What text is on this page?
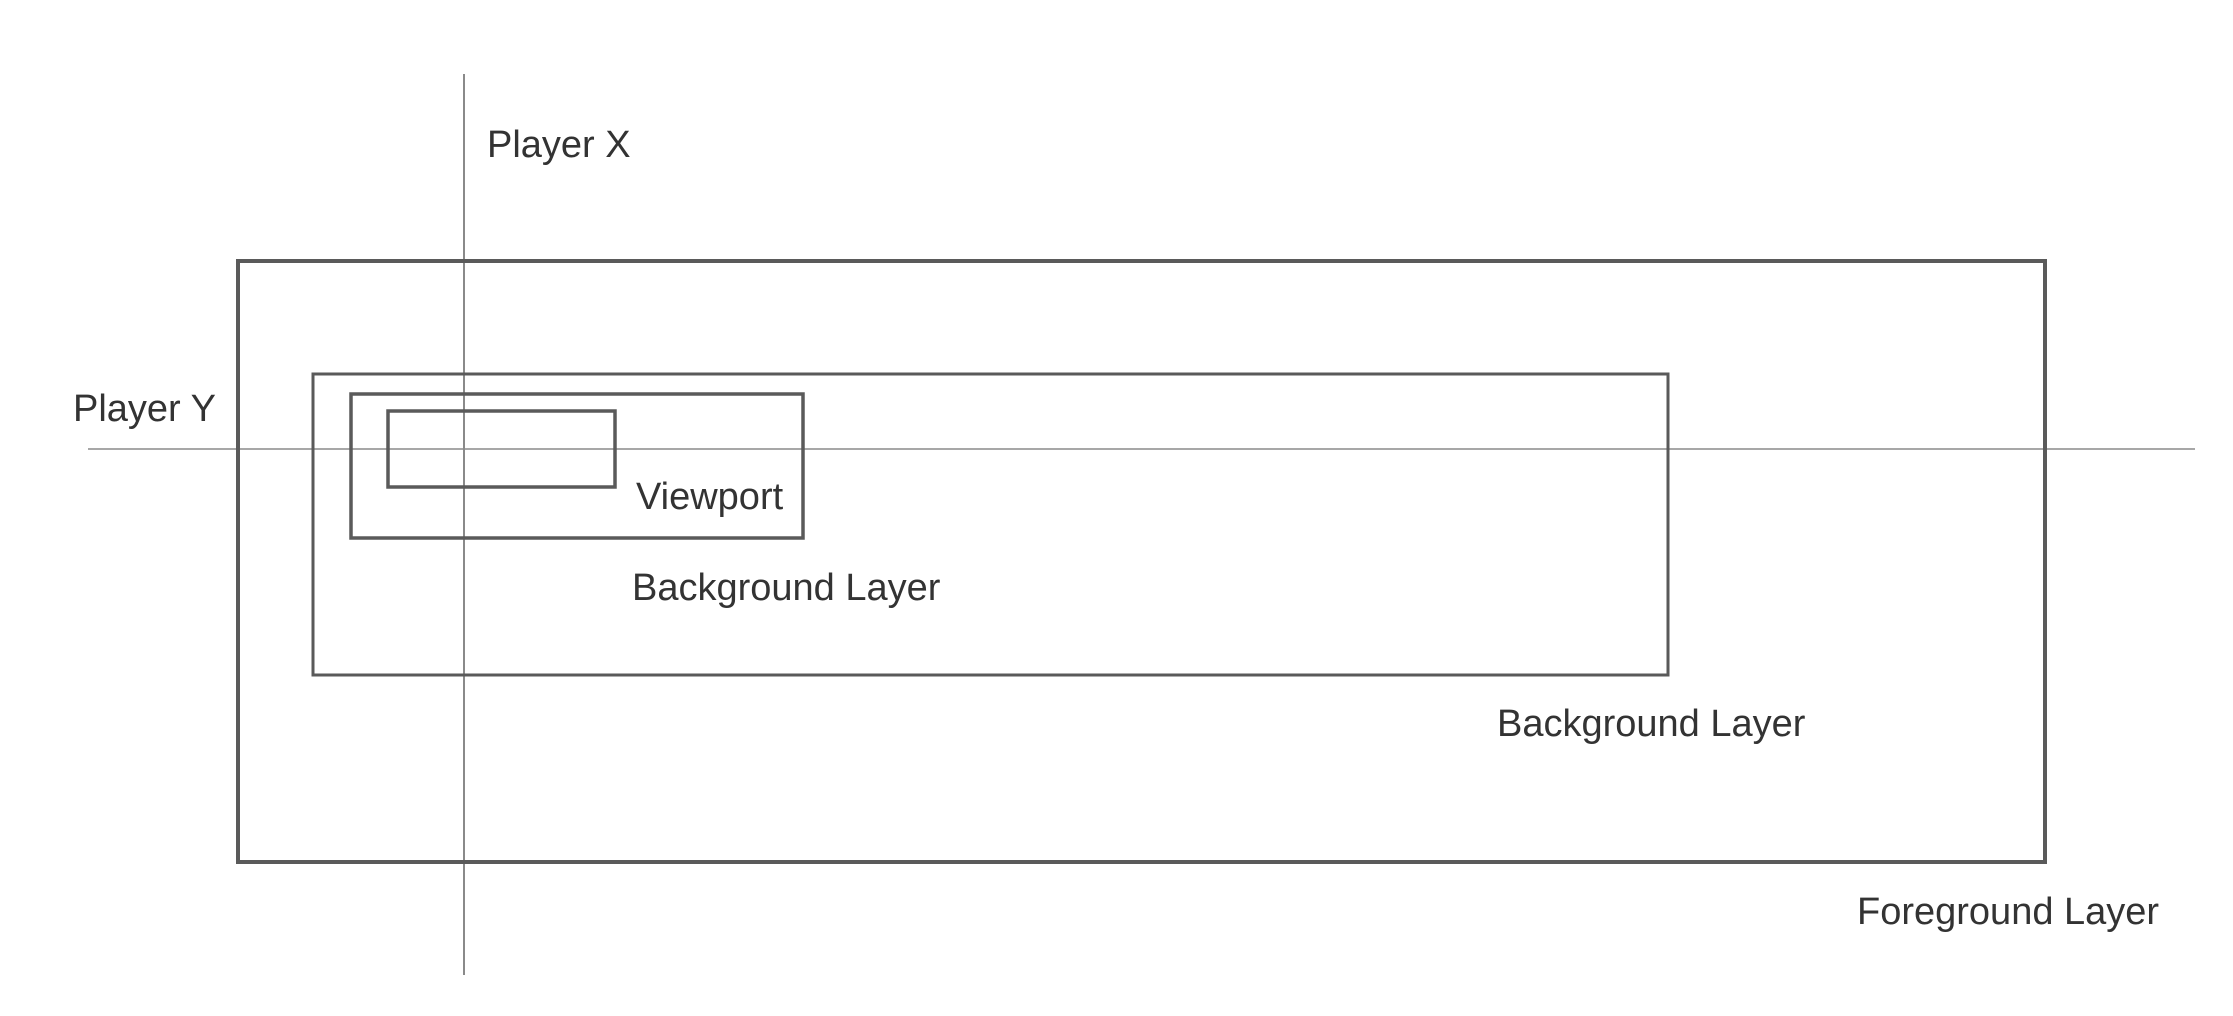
Player X
Player Y
Viewport
Background Layer
Background Layer
Foreground Layer
